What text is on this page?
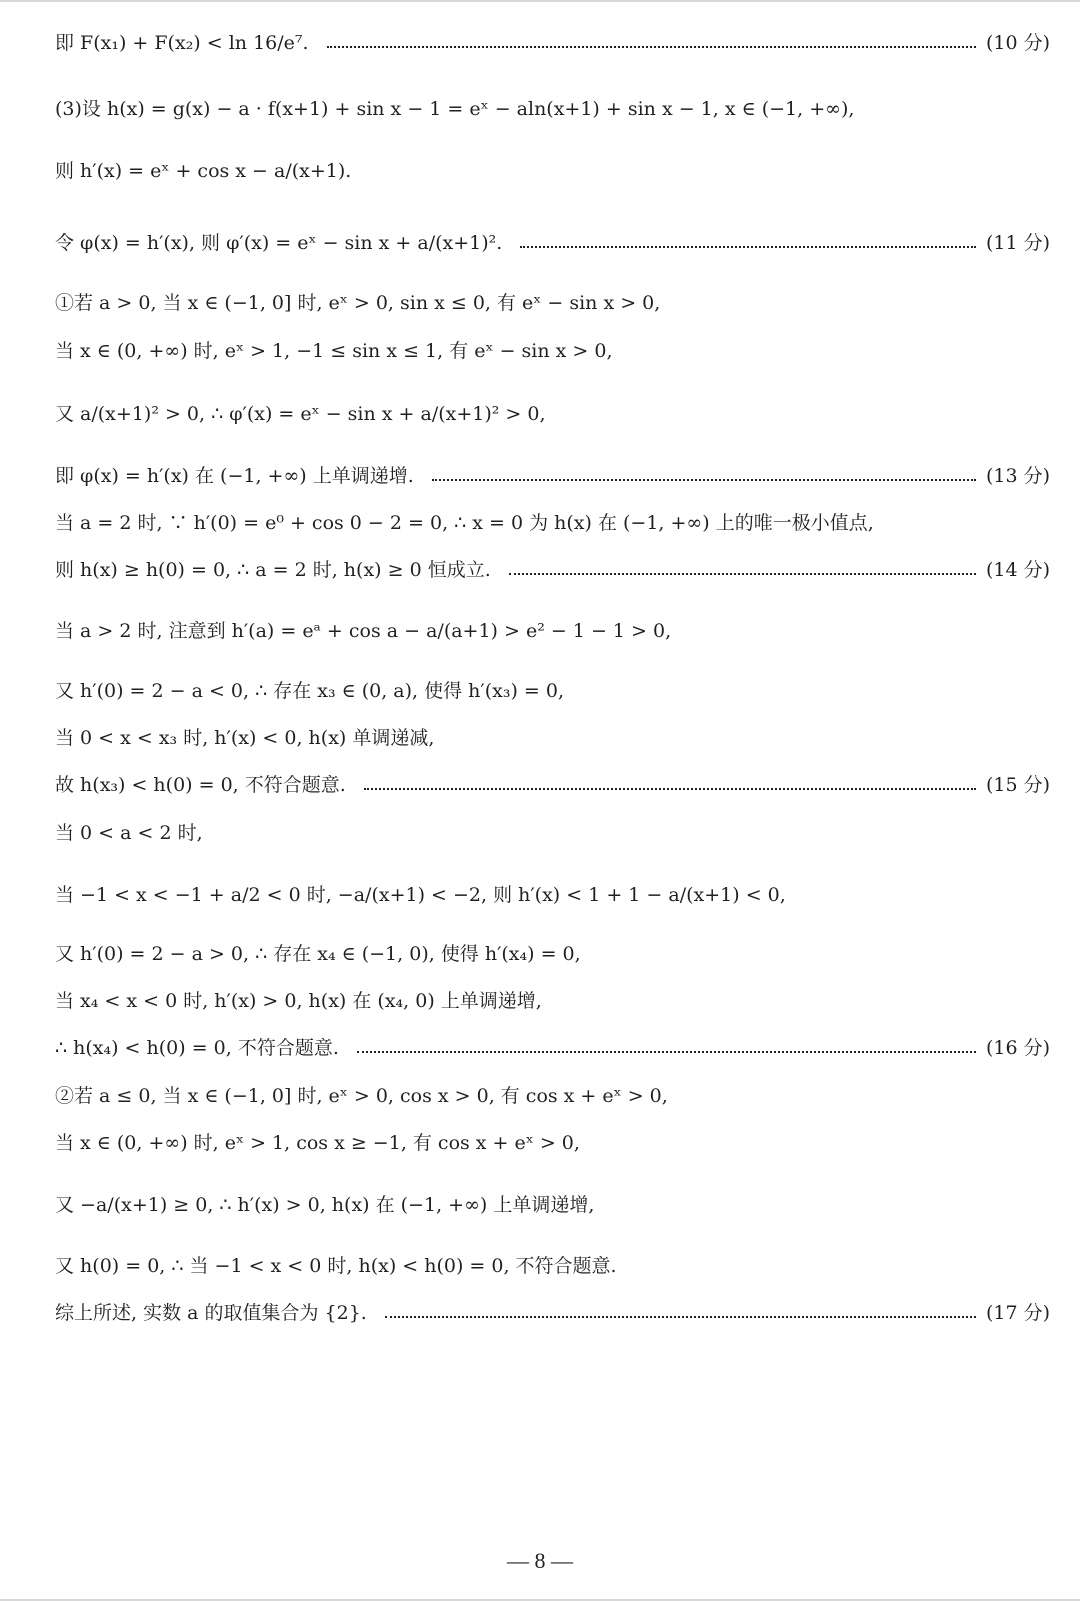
即 F(x₁) + F(x₂) < ln 16/e⁷.	(10 分)
(3)设 h(x) = g(x) − a · f(x+1) + sin x − 1 = eˣ − aln(x+1) + sin x − 1, x ∈ (−1, +∞),
则 h′(x) = eˣ + cos x − a/(x+1).
令 φ(x) = h′(x), 则 φ′(x) = eˣ − sin x + a/(x+1)².	(11 分)
①若 a > 0, 当 x ∈ (−1, 0] 时, eˣ > 0, sin x ≤ 0, 有 eˣ − sin x > 0,
当 x ∈ (0, +∞) 时, eˣ > 1, −1 ≤ sin x ≤ 1, 有 eˣ − sin x > 0,
又 a/(x+1)² > 0, ∴ φ′(x) = eˣ − sin x + a/(x+1)² > 0,
即 φ(x) = h′(x) 在 (−1, +∞) 上单调递增.	(13 分)
当 a = 2 时, ∵ h′(0) = e⁰ + cos 0 − 2 = 0, ∴ x = 0 为 h(x) 在 (−1, +∞) 上的唯一极小值点,
则 h(x) ≥ h(0) = 0, ∴ a = 2 时, h(x) ≥ 0 恒成立.	(14 分)
当 a > 2 时, 注意到 h′(a) = eᵃ + cos a − a/(a+1) > e² − 1 − 1 > 0,
又 h′(0) = 2 − a < 0, ∴ 存在 x₃ ∈ (0, a), 使得 h′(x₃) = 0,
当 0 < x < x₃ 时, h′(x) < 0, h(x) 单调递减,
故 h(x₃) < h(0) = 0, 不符合题意.	(15 分)
当 0 < a < 2 时,
当 −1 < x < −1 + a/2 < 0 时, −a/(x+1) < −2, 则 h′(x) < 1 + 1 − a/(x+1) < 0,
又 h′(0) = 2 − a > 0, ∴ 存在 x₄ ∈ (−1, 0), 使得 h′(x₄) = 0,
当 x₄ < x < 0 时, h′(x) > 0, h(x) 在 (x₄, 0) 上单调递增,
∴ h(x₄) < h(0) = 0, 不符合题意.	(16 分)
②若 a ≤ 0, 当 x ∈ (−1, 0] 时, eˣ > 0, cos x > 0, 有 cos x + eˣ > 0,
当 x ∈ (0, +∞) 时, eˣ > 1, cos x ≥ −1, 有 cos x + eˣ > 0,
又 −a/(x+1) ≥ 0, ∴ h′(x) > 0, h(x) 在 (−1, +∞) 上单调递增,
又 h(0) = 0, ∴ 当 −1 < x < 0 时, h(x) < h(0) = 0, 不符合题意.
综上所述, 实数 a 的取值集合为 {2}.	(17 分)
— 8 —
